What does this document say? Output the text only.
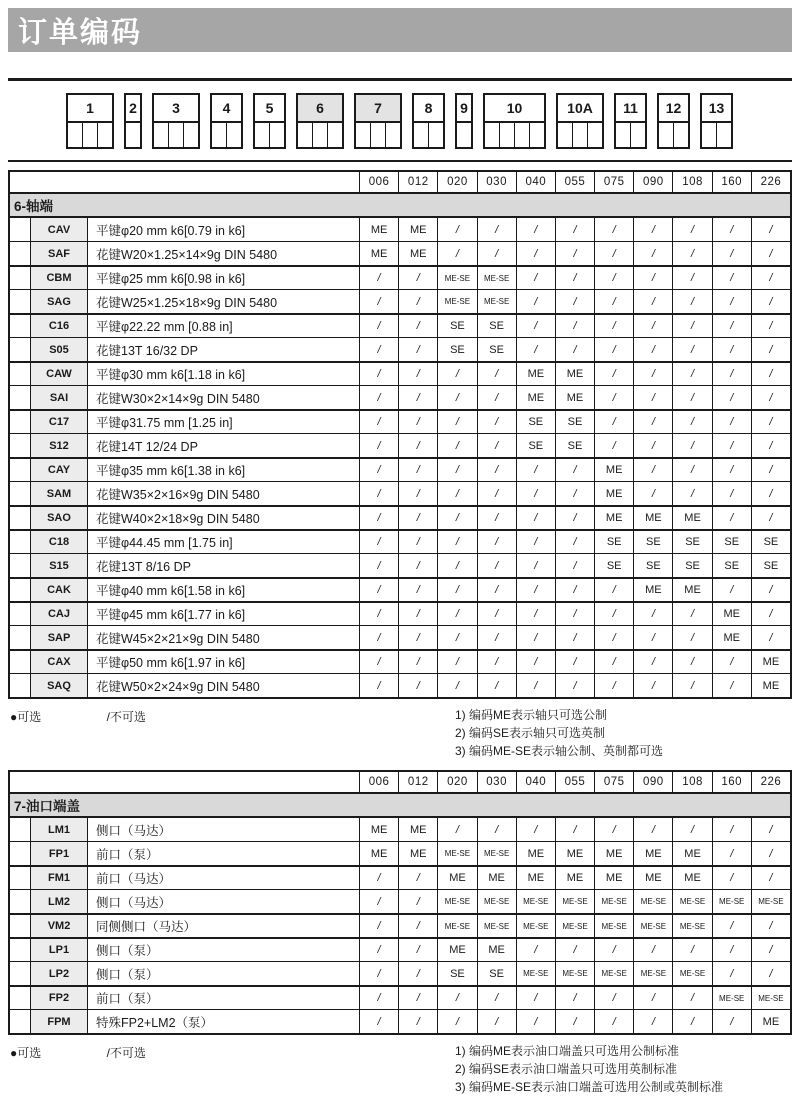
订单编码
1	2	3	4	5	6	7	8	9	10	10A	11	12	13
006	012	020	030	040	055	075	090	108	160	226
6-轴端
CAV	平键φ20 mm k6[0.79 in k6]	ME	ME	/	/	/	/	/	/	/	/	/
SAF	花键W20×1.25×14×9g DIN 5480	ME	ME	/	/	/	/	/	/	/	/	/
CBM	平键φ25 mm k6[0.98 in k6]	/	/	ME-SE	ME-SE	/	/	/	/	/	/	/
SAG	花键W25×1.25×18×9g DIN 5480	/	/	ME-SE	ME-SE	/	/	/	/	/	/	/
C16	平键φ22.22 mm [0.88 in]	/	/	SE	SE	/	/	/	/	/	/	/
S05	花键13T 16/32 DP	/	/	SE	SE	/	/	/	/	/	/	/
CAW	平键φ30 mm k6[1.18 in k6]	/	/	/	/	ME	ME	/	/	/	/	/
SAI	花键W30×2×14×9g DIN 5480	/	/	/	/	ME	ME	/	/	/	/	/
C17	平键φ31.75 mm [1.25 in]	/	/	/	/	SE	SE	/	/	/	/	/
S12	花键14T 12/24 DP	/	/	/	/	SE	SE	/	/	/	/	/
CAY	平键φ35 mm k6[1.38 in k6]	/	/	/	/	/	/	ME	/	/	/	/
SAM	花键W35×2×16×9g DIN 5480	/	/	/	/	/	/	ME	/	/	/	/
SAO	花键W40×2×18×9g DIN 5480	/	/	/	/	/	/	ME	ME	ME	/	/
C18	平键φ44.45 mm [1.75 in]	/	/	/	/	/	/	SE	SE	SE	SE	SE
S15	花键13T 8/16 DP	/	/	/	/	/	/	SE	SE	SE	SE	SE
CAK	平键φ40 mm k6[1.58 in k6]	/	/	/	/	/	/	/	ME	ME	/	/
CAJ	平键φ45 mm k6[1.77 in k6]	/	/	/	/	/	/	/	/	/	ME	/
SAP	花键W45×2×21×9g DIN 5480	/	/	/	/	/	/	/	/	/	ME	/
CAX	平键φ50 mm k6[1.97 in k6]	/	/	/	/	/	/	/	/	/	/	ME
SAQ	花键W50×2×24×9g DIN 5480	/	/	/	/	/	/	/	/	/	/	ME
●可选	/不可选	1) 编码ME表示轴只可选公制
2) 编码SE表示轴只可选英制
3) 编码ME-SE表示轴公制、英制都可选
006	012	020	030	040	055	075	090	108	160	226
7-油口端盖
LM1	侧口（马达）	ME	ME	/	/	/	/	/	/	/	/	/
FP1	前口（泵）	ME	ME	ME-SE	ME-SE	ME	ME	ME	ME	ME	/	/
FM1	前口（马达）	/	/	ME	ME	ME	ME	ME	ME	ME	/	/
LM2	侧口（马达）	/	/	ME-SE	ME-SE	ME-SE	ME-SE	ME-SE	ME-SE	ME-SE	ME-SE	ME-SE
VM2	同侧侧口（马达）	/	/	ME-SE	ME-SE	ME-SE	ME-SE	ME-SE	ME-SE	ME-SE	/	/
LP1	侧口（泵）	/	/	ME	ME	/	/	/	/	/	/	/
LP2	侧口（泵）	/	/	SE	SE	ME-SE	ME-SE	ME-SE	ME-SE	ME-SE	/	/
FP2	前口（泵）	/	/	/	/	/	/	/	/	/	ME-SE	ME-SE
FPM	特殊FP2+LM2（泵）	/	/	/	/	/	/	/	/	/	/	ME
●可选	/不可选	1) 编码ME表示油口端盖只可选用公制标准
2) 编码SE表示油口端盖只可选用英制标准
3) 编码ME-SE表示油口端盖可选用公制或英制标准
